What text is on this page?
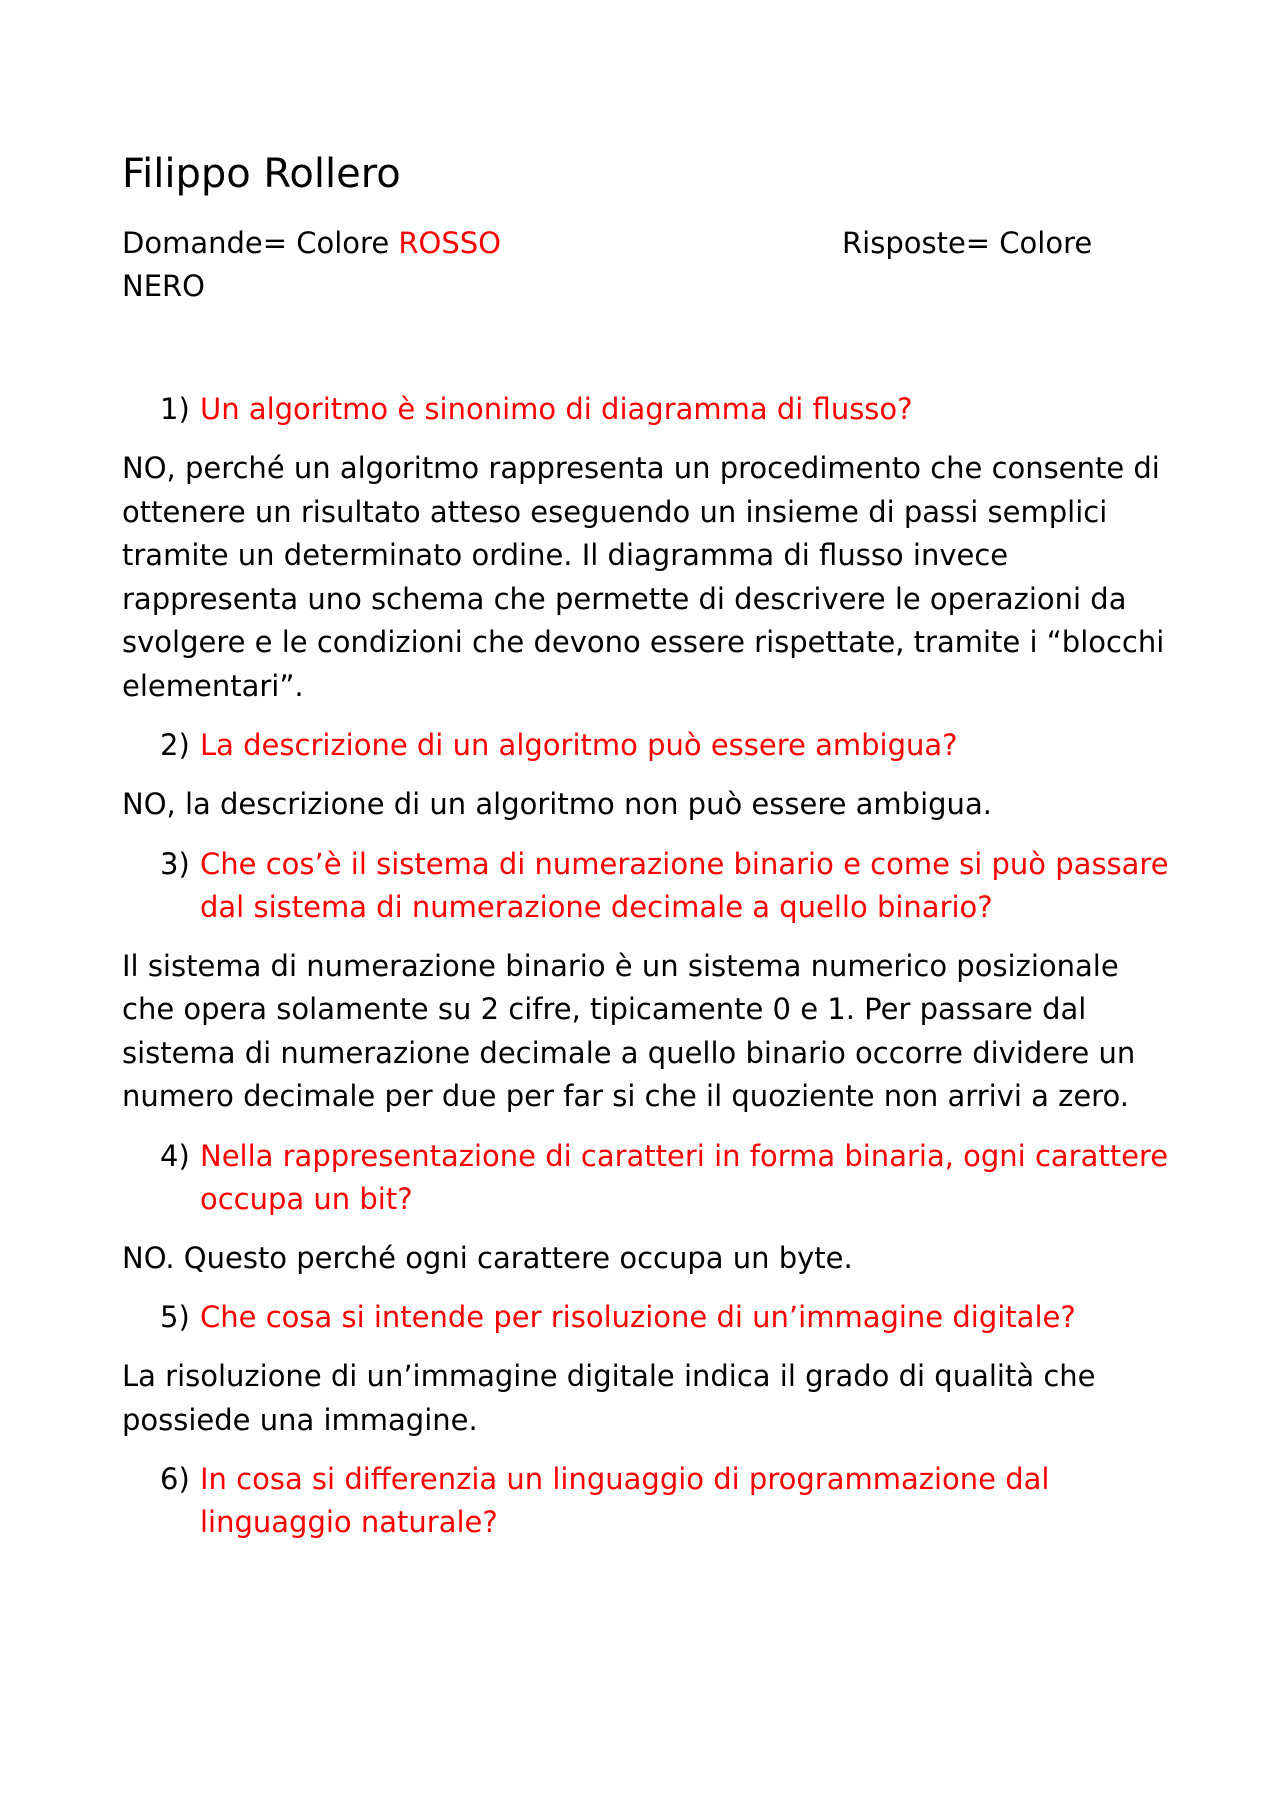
Filippo Rollero
Domande= Colore ROSSO	Risposte= Colore
NERO
1) Un algoritmo è sinonimo di diagramma di flusso?
NO, perché un algoritmo rappresenta un procedimento che consente di ottenere un risultato atteso eseguendo un insieme di passi semplici tramite un determinato ordine. Il diagramma di flusso invece rappresenta uno schema che permette di descrivere le operazioni da svolgere e le condizioni che devono essere rispettate, tramite i “blocchi elementari”.
2) La descrizione di un algoritmo può essere ambigua?
NO, la descrizione di un algoritmo non può essere ambigua.
3) Che cos’è il sistema di numerazione binario e come si può passare dal sistema di numerazione decimale a quello binario?
Il sistema di numerazione binario è un sistema numerico posizionale che opera solamente su 2 cifre, tipicamente 0 e 1. Per passare dal sistema di numerazione decimale a quello binario occorre dividere un numero decimale per due per far si che il quoziente non arrivi a zero.
4) Nella rappresentazione di caratteri in forma binaria, ogni carattere occupa un bit?
NO. Questo perché ogni carattere occupa un byte.
5) Che cosa si intende per risoluzione di un’immagine digitale?
La risoluzione di un’immagine digitale indica il grado di qualità che possiede una immagine.
6) In cosa si differenzia un linguaggio di programmazione dal linguaggio naturale?
